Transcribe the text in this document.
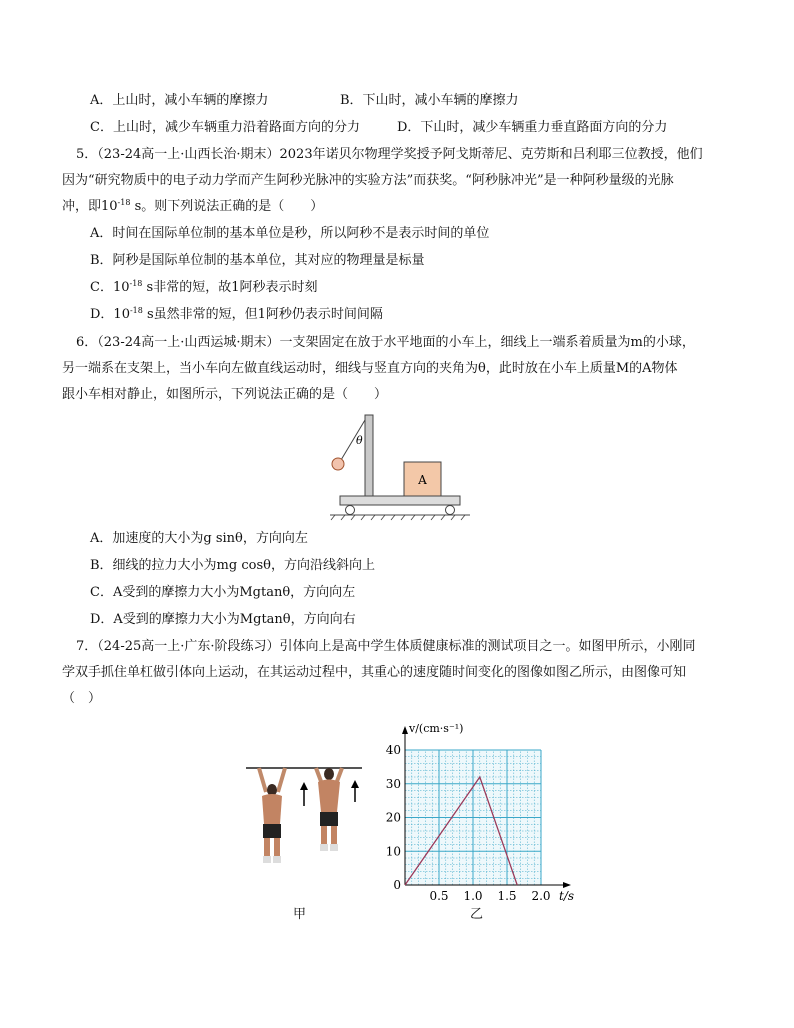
A．上山时，减小车辆的摩擦力	B．下山时，减小车辆的摩擦力
C．上山时，减少车辆重力沿着路面方向的分力	D．下山时，减少车辆重力垂直路面方向的分力
5．（23-24高一上·山西长治·期末）2023年诺贝尔物理学奖授予阿戈斯蒂尼、克劳斯和吕利耶三位教授，他们
因为“研究物质中的电子动力学而产生阿秒光脉冲的实验方法”而获奖。“阿秒脉冲光”是一种阿秒量级的光脉
冲，即$10^{-18}$ s。则下列说法正确的是（　　）
A．时间在国际单位制的基本单位是秒，所以阿秒不是表示时间的单位
B．阿秒是国际单位制的基本单位，其对应的物理量是标量
C．$10^{-18}$ s非常的短，故1阿秒表示时刻
D．$10^{-18}$ s虽然非常的短，但1阿秒仍表示时间间隔
6．（23-24高一上·山西运城·期末）一支架固定在放于水平地面的小车上，细线上一端系着质量为m的小球，
另一端系在支架上，当小车向左做直线运动时，细线与竖直方向的夹角为θ，此时放在小车上质量M的A物体
跟小车相对静止，如图所示，下列说法正确的是（　　）
θ
A
A．加速度的大小为g sinθ，方向向左
B．细线的拉力大小为mg cosθ，方向沿线斜向上
C．A受到的摩擦力大小为Mgtanθ，方向向左
D．A受到的摩擦力大小为Mgtanθ，方向向右
7．（24-25高一上·广东·阶段练习）引体向上是高中学生体质健康标准的测试项目之一。如图甲所示，小刚同
学双手抓住单杠做引体向上运动，在其运动过程中，其重心的速度随时间变化的图像如图乙所示，由图像可知
（　）
甲
0
10
20
30
40
0.5 1.0 1.5 2.0
v/(cm·s⁻¹)
t/s
乙
